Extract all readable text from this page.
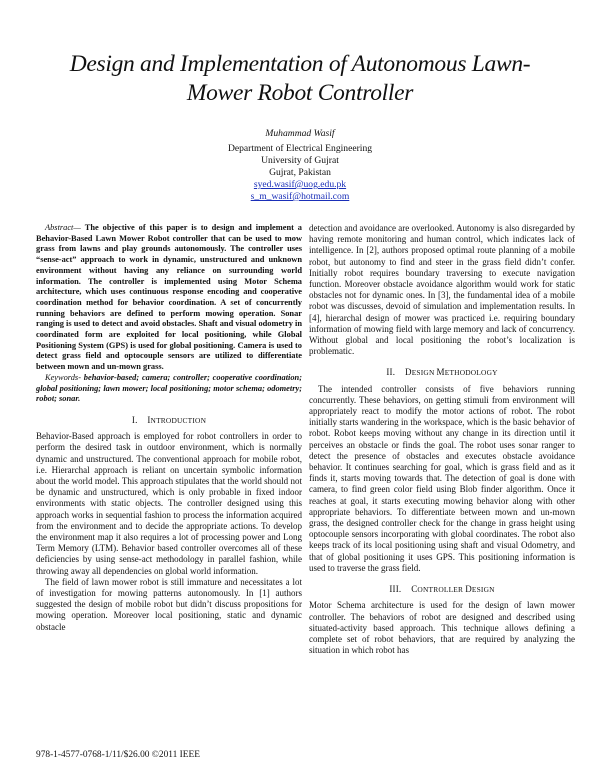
Design and Implementation of Autonomous Lawn-Mower Robot Controller
Muhammad Wasif
Department of Electrical Engineering
University of Gujrat
Gujrat, Pakistan
syed.wasif@uog.edu.pk
s_m_wasif@hotmail.com

Abstract— The objective of this paper is to design and implement a Behavior-Based Lawn Mower Robot controller that can be used to mow grass from lawns and play grounds autonomously. The controller uses “sense-act” approach to work in dynamic, unstructured and unknown environment without having any reliance on surrounding world information. The controller is implemented using Motor Schema architecture, which uses continuous response encoding and cooperative coordination method for behavior coordination. A set of concurrently running behaviors are defined to perform mowing operation. Sonar ranging is used to detect and avoid obstacles. Shaft and visual odometry in coordinated form are exploited for local positioning, while Global Positioning System (GPS) is used for global positioning. Camera is used to detect grass field and optocouple sensors are utilized to differentiate between mown and un-mown grass.

Keywords- behavior-based; camera; controller; cooperative coordination; global positioning; lawn mower; local positioning; motor schema; odometry; robot; sonar.

I. INTRODUCTION

Behavior-Based approach is employed for robot controllers in order to perform the desired task in outdoor environment, which is normally dynamic and unstructured. The conventional approach for mobile robot, i.e. Hierarchal approach is reliant on uncertain symbolic information about the world model. This approach stipulates that the world should not be dynamic and unstructured, which is only probable in fixed indoor environments with static objects. The controller designed using this approach works in sequential fashion to process the information acquired from the environment and to decide the appropriate actions. To develop the environment map it also requires a lot of processing power and Long Term Memory (LTM). Behavior based controller overcomes all of these deficiencies by using sense-act methodology in parallel fashion, while throwing away all dependencies on global world information.

The field of lawn mower robot is still immature and necessitates a lot of investigation for mowing patterns autonomously. In [1] authors suggested the design of mobile robot but didn’t discuss propositions for mowing operation. Moreover local positioning, static and dynamic obstacle

detection and avoidance are overlooked. Autonomy is also disregarded by having remote monitoring and human control, which indicates lack of intelligence. In [2], authors proposed optimal route planning of a mobile robot, but autonomy to find and steer in the grass field didn’t confer. Initially robot requires boundary traversing to execute navigation function. Moreover obstacle avoidance algorithm would work for static obstacles not for dynamic ones. In [3], the fundamental idea of a mobile robot was discusses, devoid of simulation and implementation results. In [4], hierarchal design of mower was practiced i.e. requiring boundary information of mowing field with large memory and lack of concurrency. Without global and local positioning the robot’s localization is problematic.

II. DESIGN METHODOLOGY

The intended controller consists of five behaviors running concurrently. These behaviors, on getting stimuli from environment will appropriately react to modify the motor actions of robot. The robot initially starts wandering in the workspace, which is the basic behavior of robot. Robot keeps moving without any change in its direction until it perceives an obstacle or finds the goal. The robot uses sonar ranger to detect the presence of obstacles and executes obstacle avoidance behavior. It continues searching for goal, which is grass field and as it finds it, starts moving towards that. The detection of goal is done with camera, to find green color field using Blob finder algorithm. Once it reaches at goal, it starts executing mowing behavior along with other appropriate behaviors. To differentiate between mown and un-mown grass, the designed controller check for the change in grass height using optocouple sensors incorporating with global coordinates. The robot also keeps track of its local positioning using shaft and visual Odometry, and that of global positioning it uses GPS. This positioning information is used to traverse the grass field.

III. CONTROLLER DESIGN

Motor Schema architecture is used for the design of lawn mower controller. The behaviors of robot are designed and described using situated-activity based approach. This technique allows defining a complete set of robot behaviors, that are required by analyzing the situation in which robot has

978-1-4577-0768-1/11/$26.00 ©2011 IEEE
